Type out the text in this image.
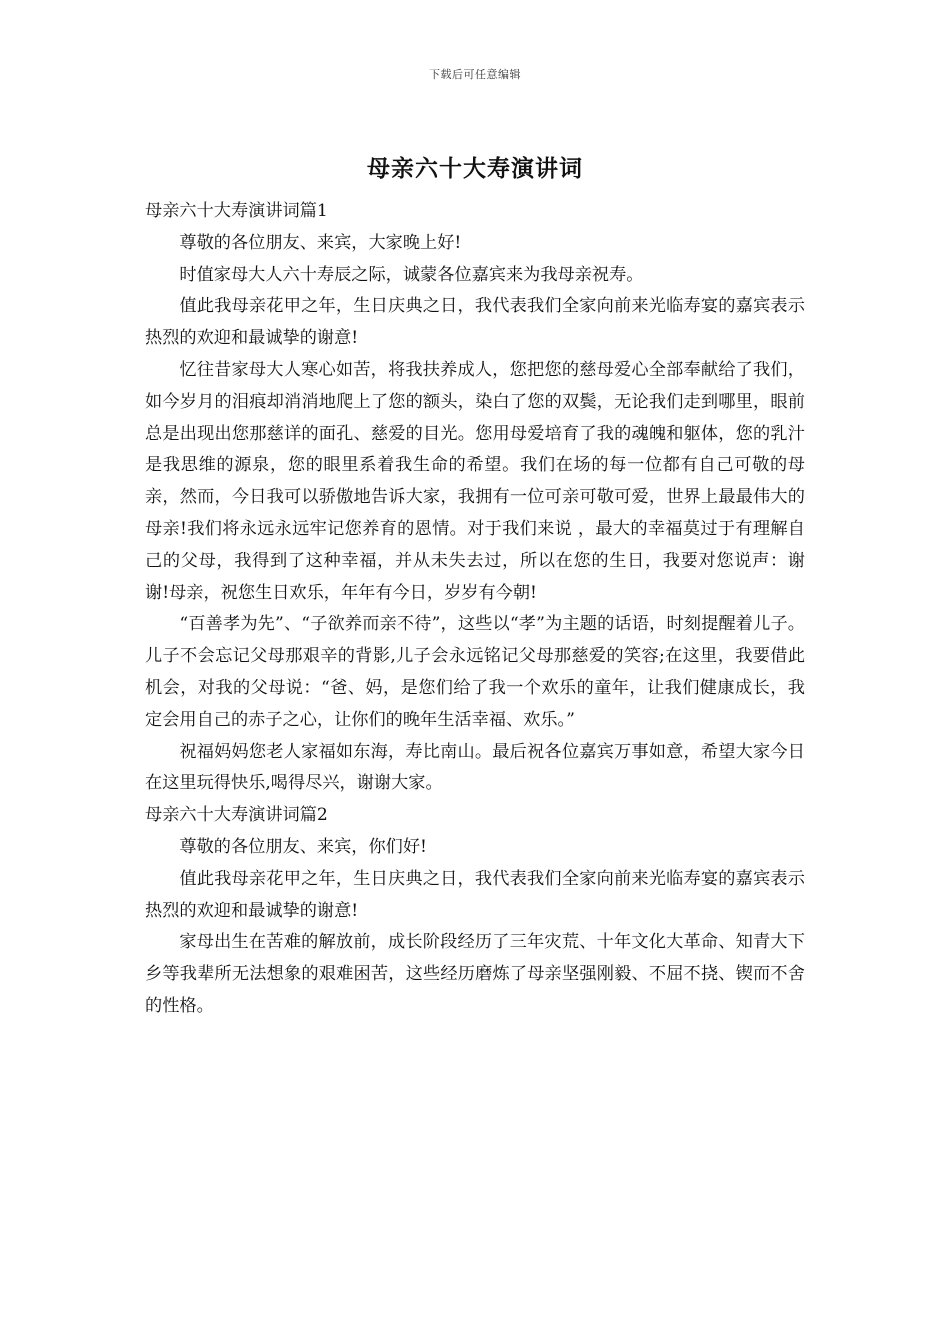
下载后可任意编辑
母亲六十大寿演讲词

母亲六十大寿演讲词篇1

尊敬的各位朋友、来宾，大家晚上好!

时值家母大人六十寿辰之际，诚蒙各位嘉宾来为我母亲祝寿。

值此我母亲花甲之年，生日庆典之日，我代表我们全家向前来光临寿宴的嘉宾表示热烈的欢迎和最诚挚的谢意!

忆往昔家母大人寒心如苦，将我扶养成人，您把您的慈母爱心全部奉献给了我们，如今岁月的泪痕却消消地爬上了您的额头，染白了您的双鬓，无论我们走到哪里，眼前总是出现出您那慈详的面孔、慈爱的目光。您用母爱培育了我的魂魄和躯体，您的乳汁是我思维的源泉，您的眼里系着我生命的希望。我们在场的每一位都有自己可敬的母亲，然而，今日我可以骄傲地告诉大家，我拥有一位可亲可敬可爱，世界上最最伟大的母亲!我们将永远永远牢记您养育的恩情。对于我们来说 ，最大的幸福莫过于有理解自己的父母，我得到了这种幸福，并从未失去过，所以在您的生日，我要对您说声：谢谢!母亲，祝您生日欢乐，年年有今日，岁岁有今朝!

“百善孝为先”、“子欲养而亲不待”，这些以“孝”为主题的话语，时刻提醒着儿子。儿子不会忘记父母那艰辛的背影,儿子会永远铭记父母那慈爱的笑容;在这里，我要借此机会，对我的父母说：“爸、妈，是您们给了我一个欢乐的童年，让我们健康成长，我定会用自己的赤子之心，让你们的晚年生活幸福、欢乐。”

祝福妈妈您老人家福如东海，寿比南山。最后祝各位嘉宾万事如意，希望大家今日在这里玩得快乐,喝得尽兴，谢谢大家。

母亲六十大寿演讲词篇2

尊敬的各位朋友、来宾，你们好!

值此我母亲花甲之年，生日庆典之日，我代表我们全家向前来光临寿宴的嘉宾表示热烈的欢迎和最诚挚的谢意!

家母出生在苦难的解放前，成长阶段经历了三年灾荒、十年文化大革命、知青大下乡等我辈所无法想象的艰难困苦，这些经历磨炼了母亲坚强刚毅、不屈不挠、锲而不舍的性格。
